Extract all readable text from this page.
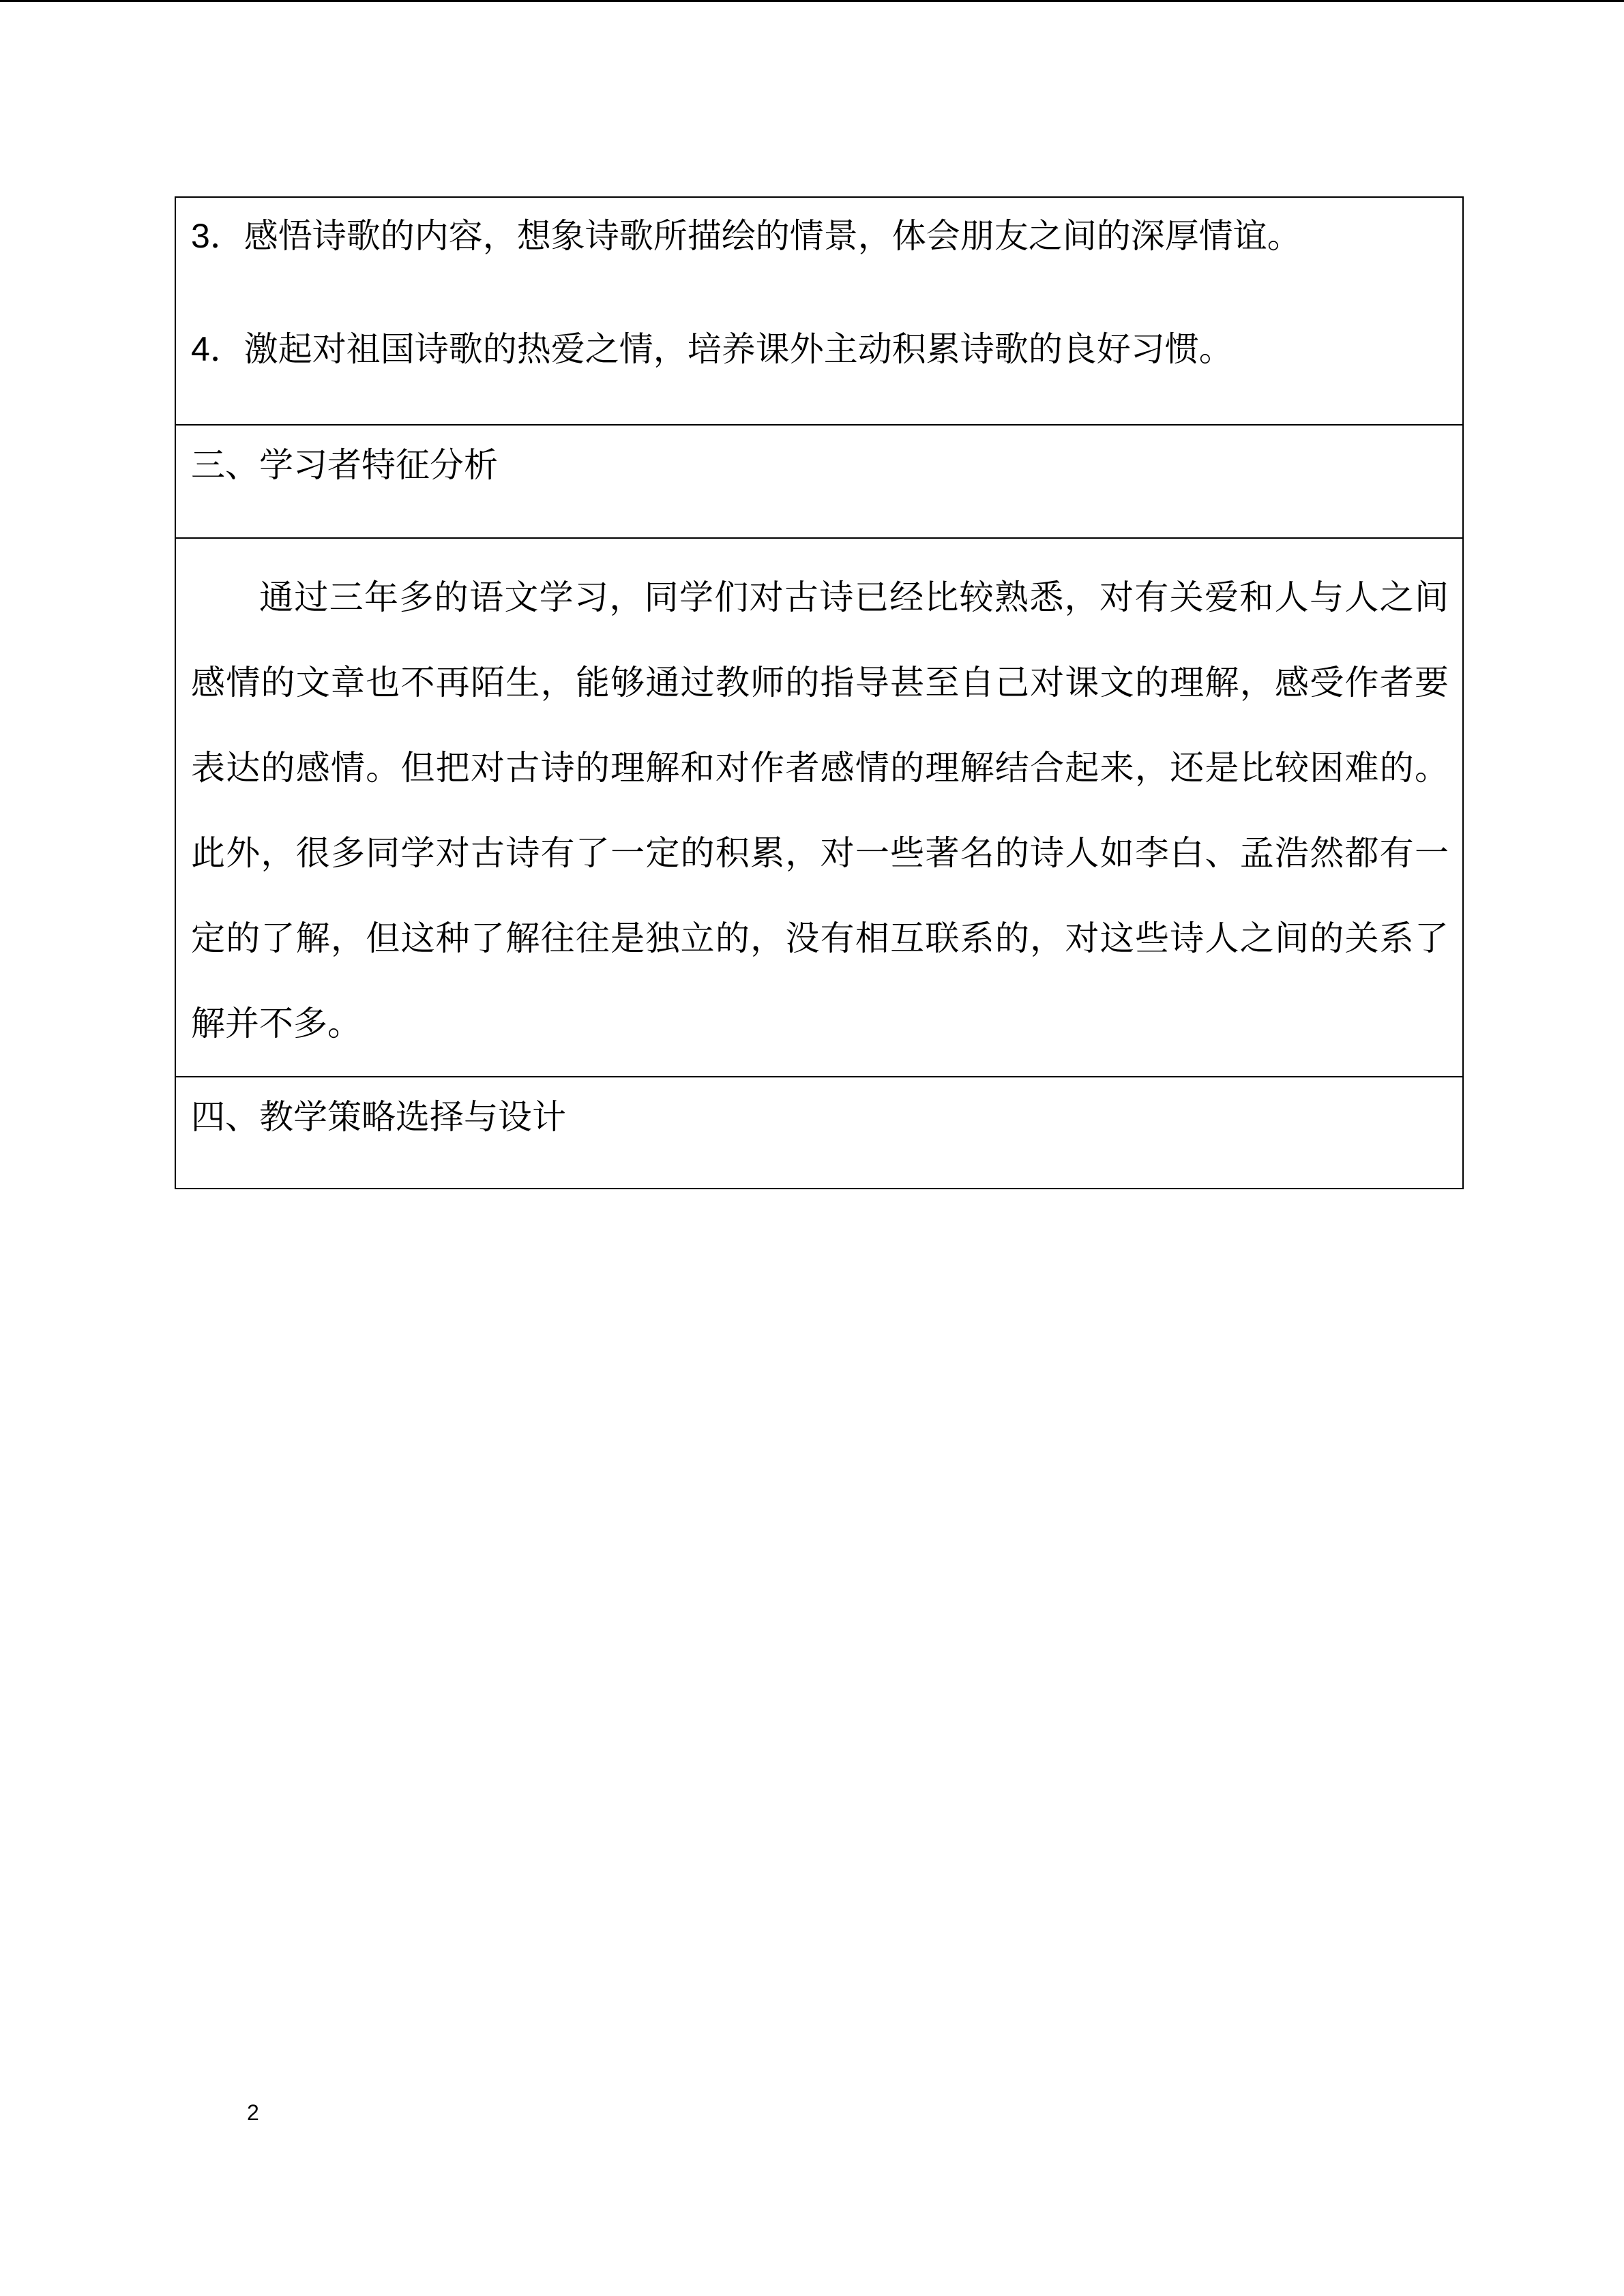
3．感悟诗歌的内容，想象诗歌所描绘的情景，体会朋友之间的深厚情谊。
4．激起对祖国诗歌的热爱之情，培养课外主动积累诗歌的良好习惯。
三、学习者特征分析

通过三年多的语文学习，同学们对古诗已经比较熟悉，对有关爱和人与人之间感情的文章也不再陌生，能够通过教师的指导甚至自己对课文的理解，感受作者要表达的感情。但把对古诗的理解和对作者感情的理解结合起来，还是比较困难的。此外，很多同学对古诗有了一定的积累，对一些著名的诗人如李白、孟浩然都有一定的了解，但这种了解往往是独立的，没有相互联系的，对这些诗人之间的关系了解并不多。

四、教学策略选择与设计
2
